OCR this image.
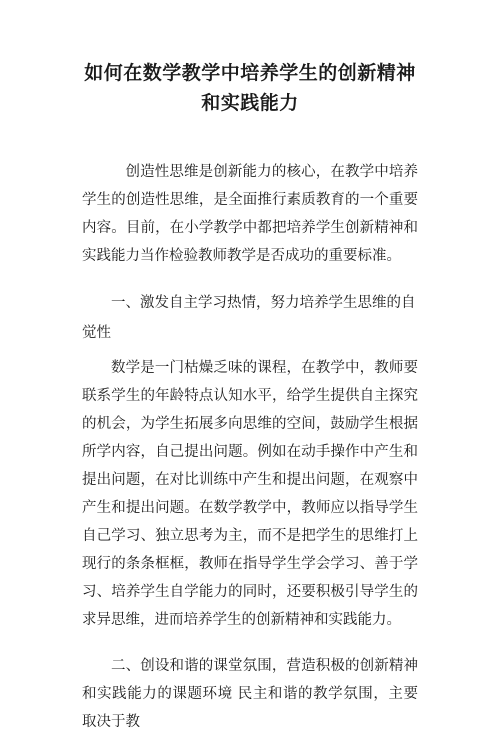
如何在数学教学中培养学生的创新精神和实践能力

创造性思维是创新能力的核心，在教学中培养学生的创造性思维，是全面推行素质教育的一个重要内容。目前，在小学教学中都把培养学生创新精神和实践能力当作检验教师教学是否成功的重要标准。

一、激发自主学习热情，努力培养学生思维的自觉性

数学是一门枯燥乏味的课程，在教学中，教师要联系学生的年龄特点认知水平，给学生提供自主探究的机会，为学生拓展多向思维的空间，鼓励学生根据所学内容，自己提出问题。例如在动手操作中产生和提出问题，在对比训练中产生和提出问题，在观察中产生和提出问题。在数学教学中，教师应以指导学生自己学习、独立思考为主，而不是把学生的思维打上现行的条条框框，教师在指导学生学会学习、善于学习、培养学生自学能力的同时，还要积极引导学生的求异思维，进而培养学生的创新精神和实践能力。

二、创设和谐的课堂氛围，营造积极的创新精神和实践能力的课题环境 民主和谐的教学氛围，主要取决于教
